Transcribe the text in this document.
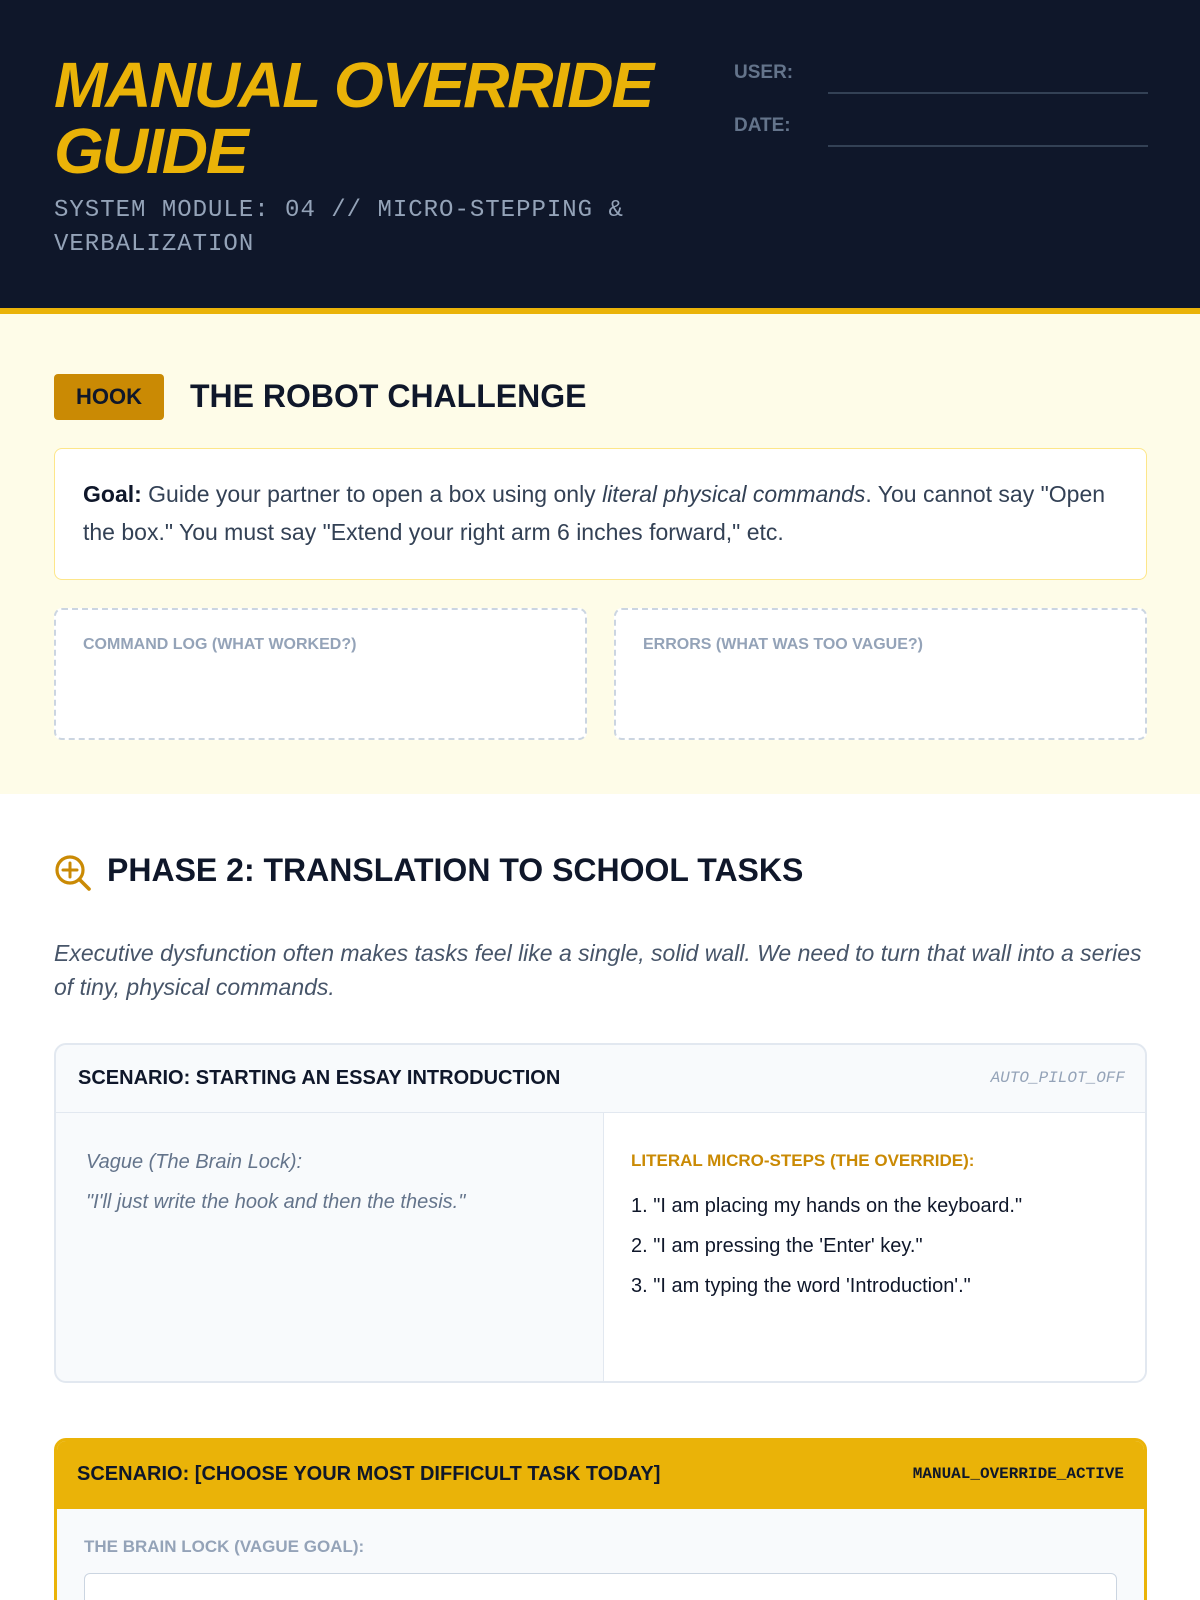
MANUAL OVERRIDE GUIDE
SYSTEM MODULE: 04 // MICRO-STEPPING & VERBALIZATION
USER:
DATE:
HOOK	THE ROBOT CHALLENGE
Goal: Guide your partner to open a box using only literal physical commands. You cannot say "Open the box." You must say "Extend your right arm 6 inches forward," etc.
COMMAND LOG (WHAT WORKED?)	ERRORS (WHAT WAS TOO VAGUE?)
PHASE 2: TRANSLATION TO SCHOOL TASKS
Executive dysfunction often makes tasks feel like a single, solid wall. We need to turn that wall into a series of tiny, physical commands.
SCENARIO: STARTING AN ESSAY INTRODUCTION	AUTO_PILOT_OFF
Vague (The Brain Lock):
"I'll just write the hook and then the thesis."
LITERAL MICRO-STEPS (THE OVERRIDE):
1. "I am placing my hands on the keyboard."
2. "I am pressing the 'Enter' key."
3. "I am typing the word 'Introduction'."
SCENARIO: [CHOOSE YOUR MOST DIFFICULT TASK TODAY]	MANUAL_OVERRIDE_ACTIVE
THE BRAIN LOCK (VAGUE GOAL):
